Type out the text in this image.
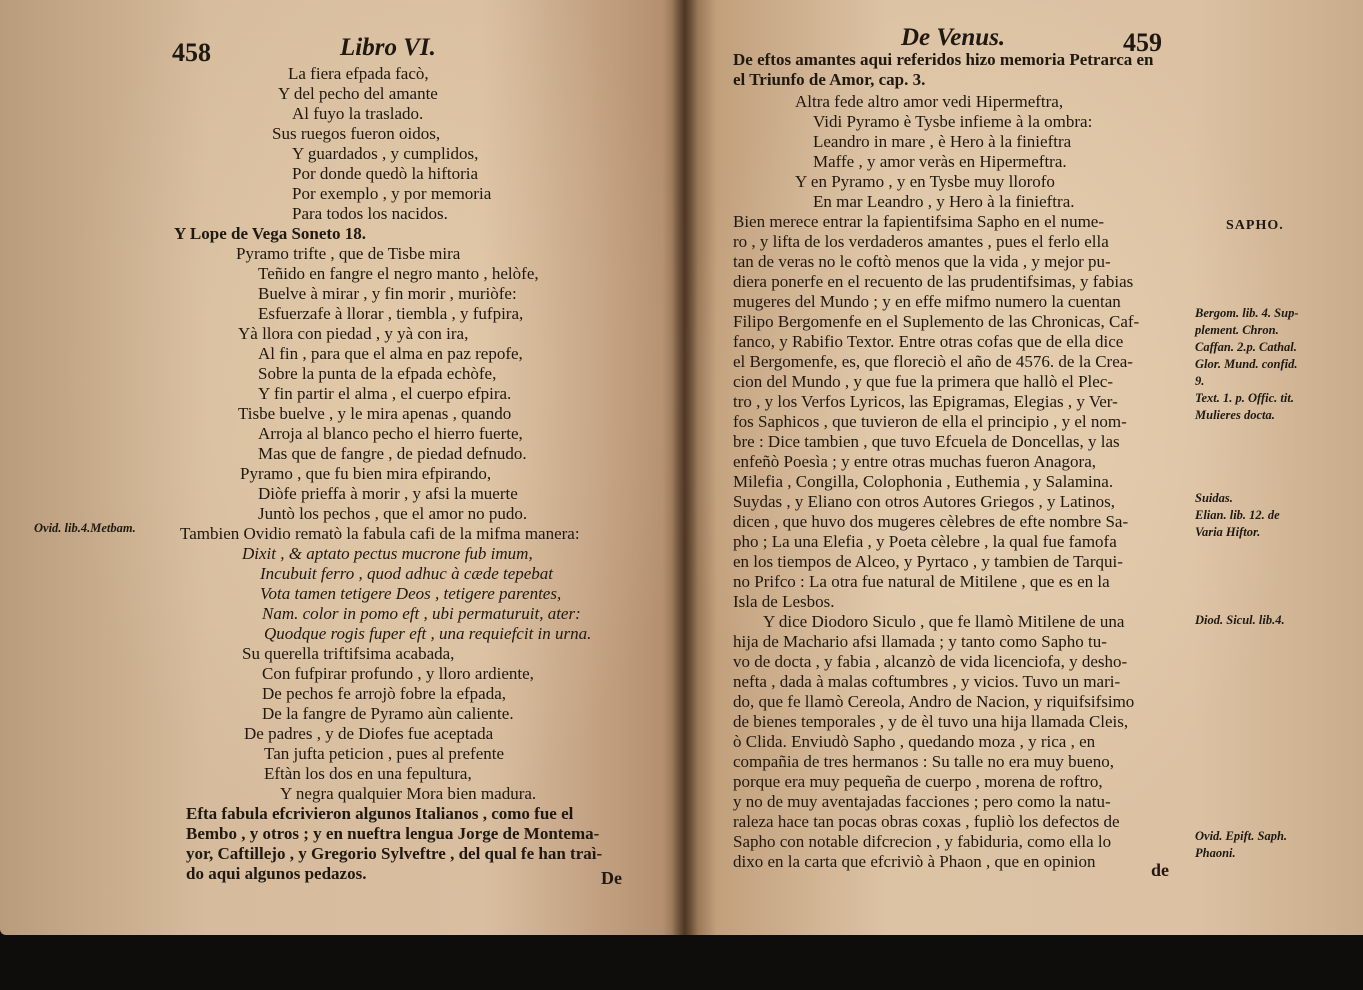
458	Libro VI.
Ovid. lib.4.Metbam.
De
La fiera efpada facò,
Y del pecho del amante
Al fuyo la traslado.
Sus ruegos fueron oidos,
Y guardados , y cumplidos,
Por donde quedò la hiftoria
Por exemplo , y por memoria
Para todos los nacidos.
Y Lope de Vega Soneto 18.
Pyramo trifte , que de Tisbe mira
Teñido en fangre el negro manto , helòfe,
Buelve à mirar , y fin morir , muriòfe:
Esfuerzafe à llorar , tiembla , y fufpira,
Yà llora con piedad , y yà con ira,
Al fin , para que el alma en paz repofe,
Sobre la punta de la efpada echòfe,
Y fin partir el alma , el cuerpo efpira.
Tisbe buelve , y le mira apenas , quando
Arroja al blanco pecho el hierro fuerte,
Mas que de fangre , de piedad defnudo.
Pyramo , que fu bien mira efpirando,
Diòfe prieffa à morir , y afsi la muerte
Juntò los pechos , que el amor no pudo.
Tambien Ovidio rematò la fabula cafi de la mifma manera:
Dixit , & aptato pectus mucrone fub imum,
Incubuit ferro , quod adhuc à cæde tepebat
Vota tamen tetigere Deos , tetigere parentes,
Nam. color in pomo eft , ubi permaturuit, ater:
Quodque rogis fuper eft , una requiefcit in urna.
Su querella triftifsima acabada,
Con fufpirar profundo , y lloro ardiente,
De pechos fe arrojò fobre la efpada,
De la fangre de Pyramo aùn caliente.
De padres , y de Diofes fue aceptada
Tan jufta peticion , pues al prefente
Eftàn los dos en una fepultura,
Y negra qualquier Mora bien madura.
Efta fabula efcrivieron algunos Italianos , como fue el
Bembo , y otros ; y en nueftra lengua Jorge de Montema-
yor, Caftillejo , y Gregorio Sylveftre , del qual fe han traì-
do aqui algunos pedazos.
De Venus.	459
SAPHO.
de
De eftos amantes aqui referidos hizo memoria Petrarca en
el Triunfo de Amor, cap. 3.
Altra fede altro amor vedi Hipermeftra,
Vidi Pyramo è Tysbe infieme à la ombra:
Leandro in mare , è Hero à la finieftra
Maffe , y amor veràs en Hipermeftra.
Y en Pyramo , y en Tysbe muy llorofo
En mar Leandro , y Hero à la finieftra.
Bien merece entrar la fapientifsima Sapho en el nume-
ro , y lifta de los verdaderos amantes , pues el ferlo ella
tan de veras no le coftò menos que la vida , y mejor pu-
diera ponerfe en el recuento de las prudentifsimas, y fabias
mugeres del Mundo ; y en effe mifmo numero la cuentan
Filipo Bergomenfe en el Suplemento de las Chronicas, Caf-
fanco, y Rabifio Textor. Entre otras cofas que de ella dice
el Bergomenfe, es, que floreciò el año de 4576. de la Crea-
cion del Mundo , y que fue la primera que hallò el Plec-
tro , y los Verfos Lyricos, las Epigramas, Elegias , y Ver-
fos Saphicos , que tuvieron de ella el principio , y el nom-
bre : Dice tambien , que tuvo Efcuela de Doncellas, y las
enfeñò Poesìa ; y entre otras muchas fueron Anagora,
Milefia , Congilla, Colophonia , Euthemia , y Salamina.
Suydas , y Eliano con otros Autores Griegos , y Latinos,
dicen , que huvo dos mugeres cèlebres de efte nombre Sa-
pho ; La una Elefia , y Poeta cèlebre , la qual fue famofa
en los tiempos de Alceo, y Pyrtaco , y tambien de Tarqui-
no Prifco : La otra fue natural de Mitilene , que es en la
Isla de Lesbos.
Y dice Diodoro Siculo , que fe llamò Mitilene de una
hija de Machario afsi llamada ; y tanto como Sapho tu-
vo de docta , y fabia , alcanzò de vida licenciofa, y desho-
nefta , dada à malas coftumbres , y vicios. Tuvo un mari-
do, que fe llamò Cereola, Andro de Nacion, y riquifsifsimo
de bienes temporales , y de èl tuvo una hija llamada Cleis,
ò Clida. Enviudò Sapho , quedando moza , y rica , en
compañia de tres hermanos : Su talle no era muy bueno,
porque era muy pequeña de cuerpo , morena de roftro,
y no de muy aventajadas facciones ; pero como la natu-
raleza hace tan pocas obras coxas , fupliò los defectos de
Sapho con notable difcrecion , y fabiduria, como ella lo
dixo en la carta que efcriviò à Phaon , que en opinion
Bergom. lib. 4. Sup-
plement. Chron.
Caffan. 2.p. Cathal.
Glor. Mund. confid.
9.
Text. 1. p. Offic. tit.
Mulieres docta.
Suidas.
Elian. lib. 12. de
Varia Hiftor.
Diod. Sicul. lib.4.
Ovid. Epift. Saph.
Phaoni.
